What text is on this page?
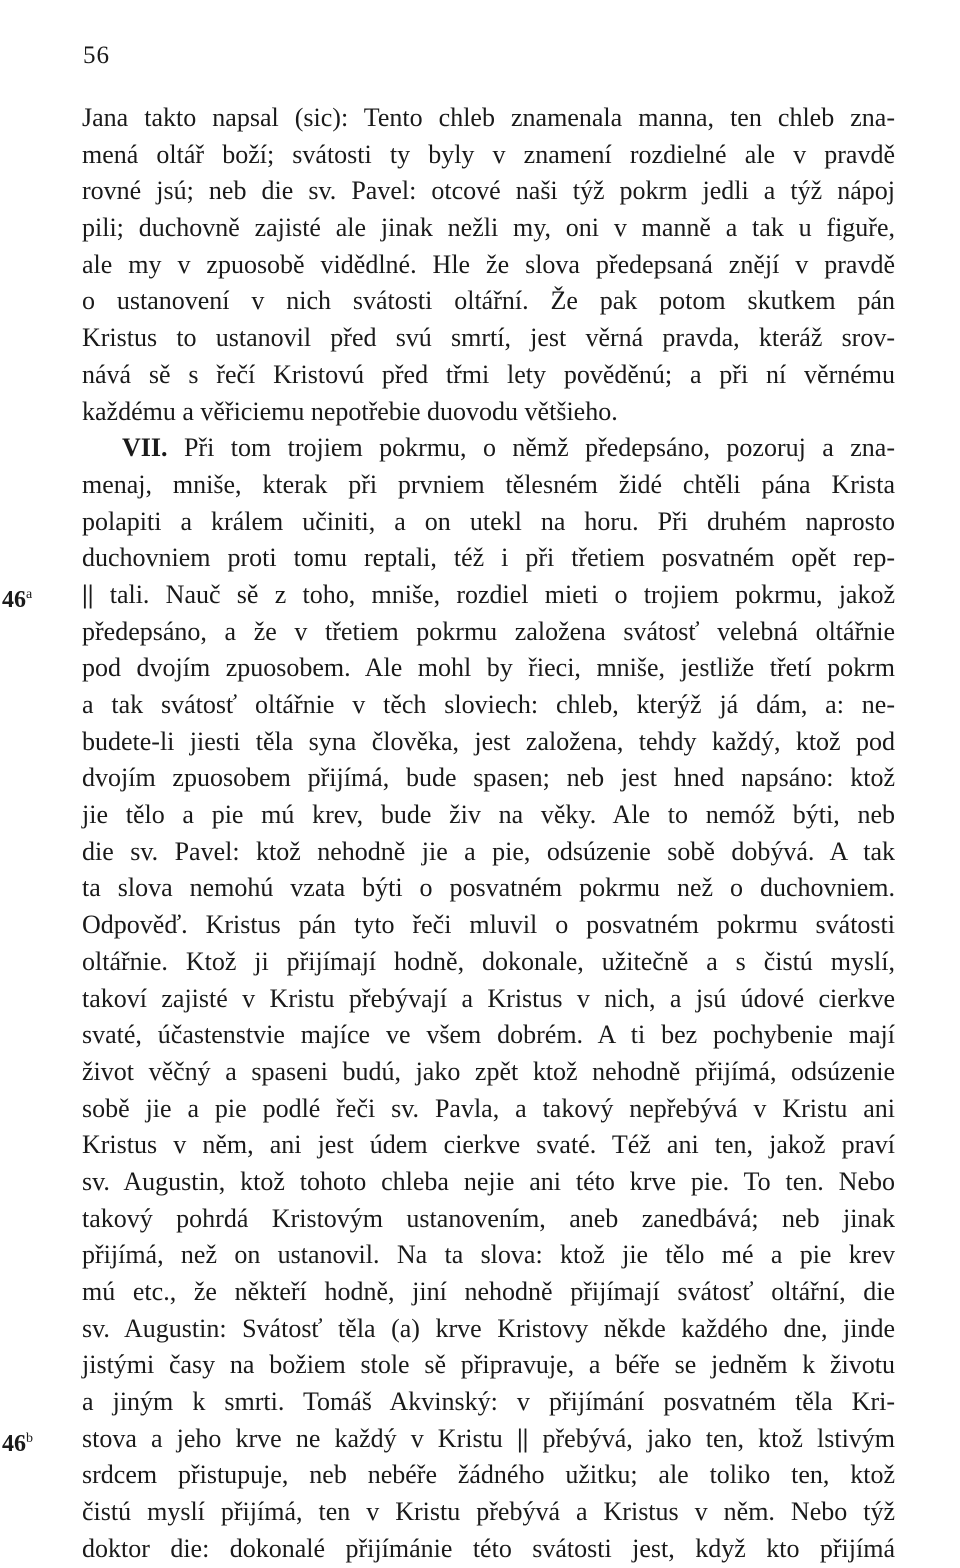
56
Jana takto napsal (sic): Tento chleb znamenala manna, ten chleb zna-
mená oltář boží; svátosti ty byly v znamení rozdielné ale v pravdě
rovné jsú; neb die sv. Pavel: otcové naši týž pokrm jedli a týž nápoj
pili; duchovně zajisté ale jinak nežli my, oni v manně a tak u figuře,
ale my v zpuosobě vidědlné. Hle že slova předepsaná znějí v pravdě
o ustanovení v nich svátosti oltářní. Že pak potom skutkem pán
Kristus to ustanovil před svú smrtí, jest věrná pravda, kteráž srov-
nává sě s řečí Kristovú před třmi lety pověděnú; a při ní věrnému
každému a věřiciemu nepotřebie duovodu většieho.
VII. Při tom trojiem pokrmu, o němž předepsáno, pozoruj a zna-
menaj, mniše, kterak při prvniem tělesném židé chtěli pána Krista
polapiti a králem učiniti, a on utekl na horu. Při druhém naprosto
duchovniem proti tomu reptali, též i při třetiem posvatném opět rep-
46$^a$ || tali. Nauč sě z toho, mniše, rozdiel mieti o trojiem pokrmu, jakož
předepsáno, a že v třetiem pokrmu založena svátosť velebná oltářnie
pod dvojím zpuosobem. Ale mohl by řieci, mniše, jestliže třetí pokrm
a tak svátosť oltářnie v těch sloviech: chleb, kterýž já dám, a: ne-
budete-li jiesti těla syna člověka, jest založena, tehdy každý, ktož pod
dvojím zpuosobem přijímá, bude spasen; neb jest hned napsáno: ktož
jie tělo a pie mú krev, bude živ na věky. Ale to nemóž býti, neb
die sv. Pavel: ktož nehodně jie a pie, odsúzenie sobě dobývá. A tak
ta slova nemohú vzata býti o posvatném pokrmu než o duchovniem.
Odpověď. Kristus pán tyto řeči mluvil o posvatném pokrmu svátosti
oltářnie. Ktož ji přijímají hodně, dokonale, užitečně a s čistú myslí,
takoví zajisté v Kristu přebývají a Kristus v nich, a jsú údové cierkve
svaté, účastenstvie majíce ve všem dobrém. A ti bez pochybenie mají
život věčný a spaseni budú, jako zpět ktož nehodně přijímá, odsúzenie
sobě jie a pie podlé řeči sv. Pavla, a takový nepřebývá v Kristu ani
Kristus v něm, ani jest údem cierkve svaté. Též ani ten, jakož praví
sv. Augustin, ktož tohoto chleba nejie ani této krve pie. To ten. Nebo
takový pohrdá Kristovým ustanovením, aneb zanedbává; neb jinak
přijímá, než on ustanovil. Na ta slova: ktož jie tělo mé a pie krev
mú etc., že někteří hodně, jiní nehodně přijímají svátosť oltářní, die
sv. Augustin: Svátosť těla (a) krve Kristovy někde každého dne, jinde
jistými časy na božiem stole sě připravuje, a béře se jedněm k životu
a jiným k smrti. Tomáš Akvinský: v přijímání posvatném těla Kri-
46$^b$ stova a jeho krve ne každý v Kristu || přebývá, jako ten, ktož lstivým
srdcem přistupuje, neb nebéře žádného užitku; ale toliko ten, ktož
čistú myslí přijímá, ten v Kristu přebývá a Kristus v něm. Nebo týž
doktor die: dokonalé přijímánie této svátosti jest, když kto přijímá
